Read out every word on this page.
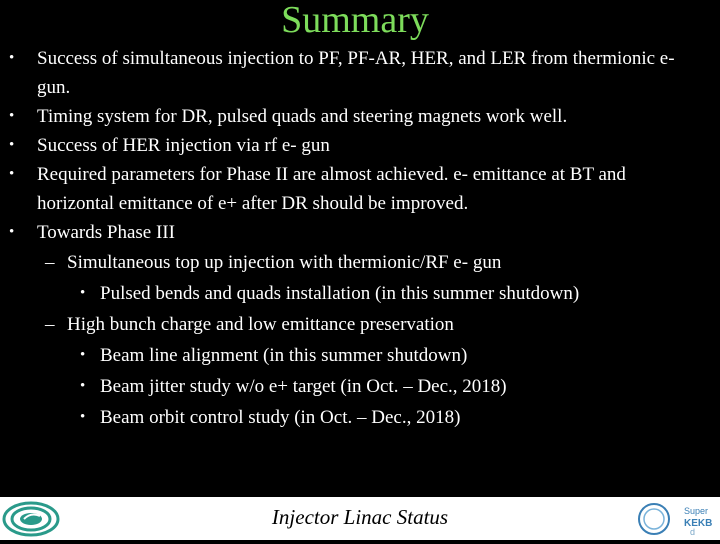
Summary
• Success of simultaneous injection to PF, PF-AR, HER, and LER from thermionic e- gun.
• Timing system for DR, pulsed quads and steering magnets work well.
• Success of HER injection via rf e- gun
• Required parameters for Phase II are almost achieved. e- emittance at BT and horizontal emittance of e+ after DR should be improved.
• Towards Phase III
– Simultaneous top up injection with thermionic/RF e- gun
• Pulsed bends and quads installation (in this summer shutdown)
– High bunch charge and low emittance preservation
• Beam line alignment (in this summer shutdown)
• Beam jitter study w/o e+ target (in Oct. – Dec., 2018)
• Beam orbit control study (in Oct. – Dec., 2018)
Injector Linac Status	Super
KEKB
d
